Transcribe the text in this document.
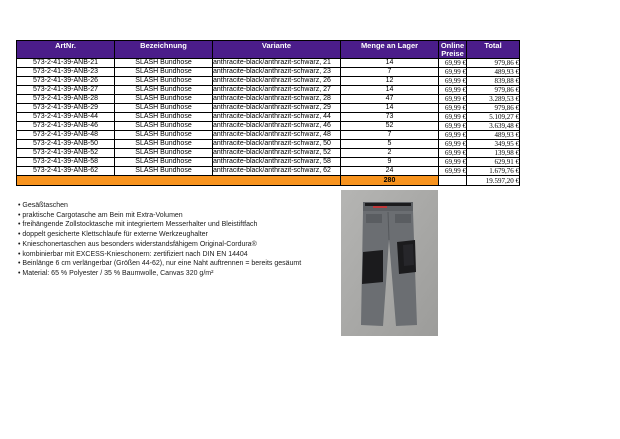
ArtNr.	Bezeichnung	Variante	Menge an Lager	Online Preise	Total
573-2-41-39-ANB-21	SLASH Bundhose	anthracite-black/anthrazit-schwarz, 21	14	69,99 €	979,86 €
573-2-41-39-ANB-23	SLASH Bundhose	anthracite-black/anthrazit-schwarz, 23	7	69,99 €	489,93 €
573-2-41-39-ANB-26	SLASH Bundhose	anthracite-black/anthrazit-schwarz, 26	12	69,99 €	839,88 €
573-2-41-39-ANB-27	SLASH Bundhose	anthracite-black/anthrazit-schwarz, 27	14	69,99 €	979,86 €
573-2-41-39-ANB-28	SLASH Bundhose	anthracite-black/anthrazit-schwarz, 28	47	69,99 €	3.289,53 €
573-2-41-39-ANB-29	SLASH Bundhose	anthracite-black/anthrazit-schwarz, 29	14	69,99 €	979,86 €
573-2-41-39-ANB-44	SLASH Bundhose	anthracite-black/anthrazit-schwarz, 44	73	69,99 €	5.109,27 €
573-2-41-39-ANB-46	SLASH Bundhose	anthracite-black/anthrazit-schwarz, 46	52	69,99 €	3.639,48 €
573-2-41-39-ANB-48	SLASH Bundhose	anthracite-black/anthrazit-schwarz, 48	7	69,99 €	489,93 €
573-2-41-39-ANB-50	SLASH Bundhose	anthracite-black/anthrazit-schwarz, 50	5	69,99 €	349,95 €
573-2-41-39-ANB-52	SLASH Bundhose	anthracite-black/anthrazit-schwarz, 52	2	69,99 €	139,98 €
573-2-41-39-ANB-58	SLASH Bundhose	anthracite-black/anthrazit-schwarz, 58	9	69,99 €	629,91 €
573-2-41-39-ANB-62	SLASH Bundhose	anthracite-black/anthrazit-schwarz, 62	24	69,99 €	1.679,76 €
			280		19.597,20 €
• Gesäßtaschen
• praktische Cargotasche am Bein mit Extra-Volumen
• freihängende Zollstocktasche mit integriertem Messerhalter und Bleistiftfach
• doppelt gesicherte Klettschlaufe für externe Werkzeughalter
• Knieschonertaschen aus besonders widerstandsfähigem Original-Cordura®
• kombinierbar mit EXCESS-Knieschonern: zertifiziert nach DIN EN 14404
• Beinlänge 6 cm verlängerbar (Größen 44-62), nur eine Naht auftrennen = bereits gesäumt
• Material: 65 % Polyester / 35 % Baumwolle, Canvas 320 g/m²
